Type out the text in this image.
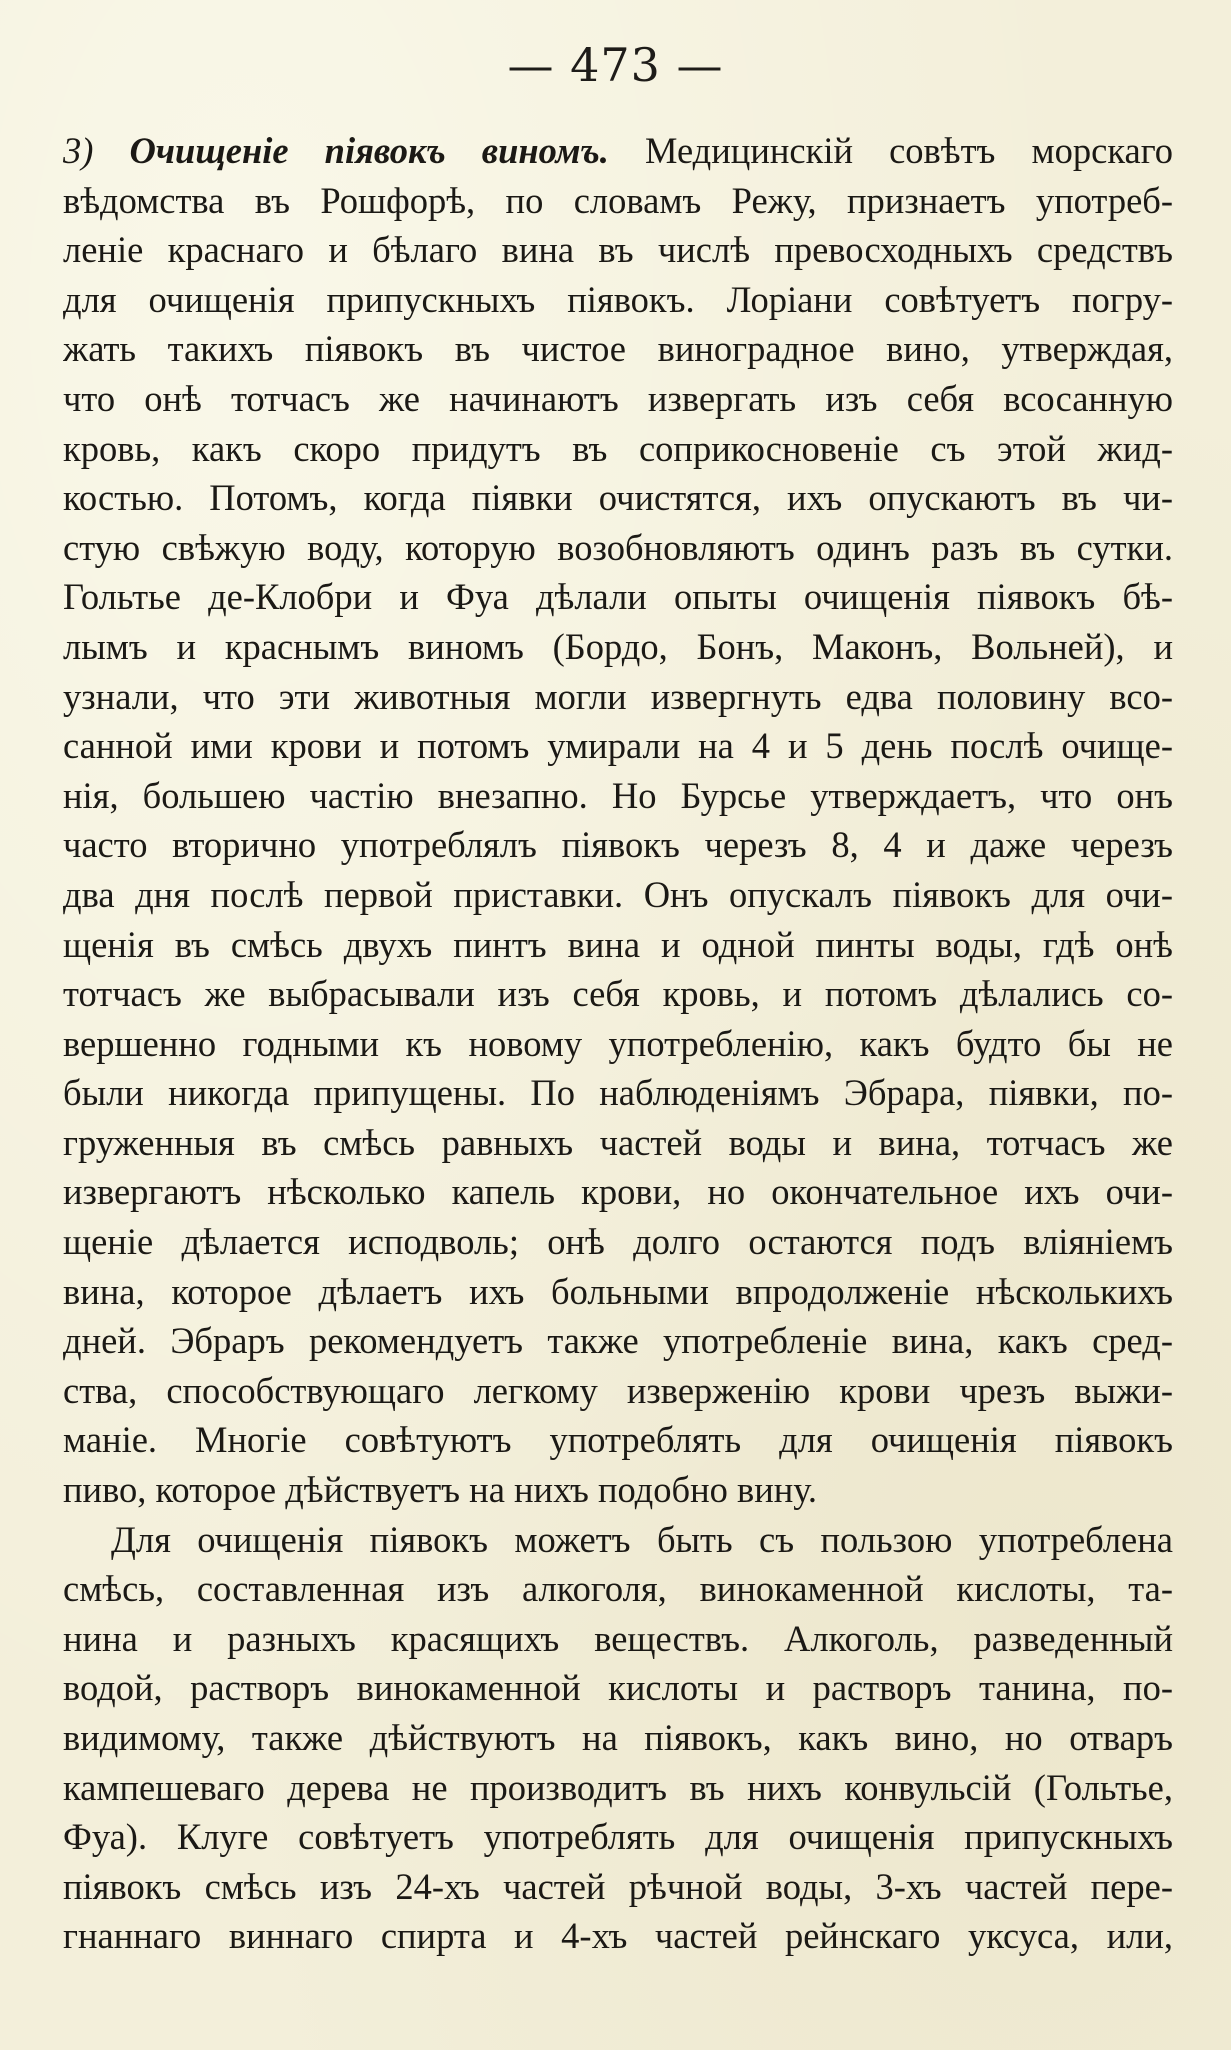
— 473 —
3) Очищенiе пiявокъ виномъ. Медицинскiй совѣтъ морскаго
вѣдомства въ Рошфорѣ, по словамъ Режу, признаетъ употреб-
ленiе краснаго и бѣлаго вина въ числѣ превосходныхъ средствъ
для очищенiя припускныхъ пiявокъ. Лорiани совѣтуетъ погру-
жать такихъ пiявокъ въ чистое виноградное вино, утверждая,
что онѣ тотчасъ же начинаютъ извергать изъ себя всосанную
кровь, какъ скоро придутъ въ соприкосновенiе съ этой жид-
костью. Потомъ, когда пiявки очистятся, ихъ опускаютъ въ чи-
стую свѣжую воду, которую возобновляютъ одинъ разъ въ сутки.
Гольтье де-Клобри и Фуа дѣлали опыты очищенiя пiявокъ бѣ-
лымъ и краснымъ виномъ (Бордо, Бонъ, Маконъ, Вольней), и
узнали, что эти животныя могли извергнуть едва половину всо-
санной ими крови и потомъ умирали на 4 и 5 день послѣ очище-
нiя, большею частiю внезапно. Но Бурсье утверждаетъ, что онъ
часто вторично употреблялъ пiявокъ черезъ 8, 4 и даже черезъ
два дня послѣ первой приставки. Онъ опускалъ пiявокъ для очи-
щенiя въ смѣсь двухъ пинтъ вина и одной пинты воды, гдѣ онѣ
тотчасъ же выбрасывали изъ себя кровь, и потомъ дѣлались со-
вершенно годными къ новому употребленiю, какъ будто бы не
были никогда припущены. По наблюденiямъ Эбрара, пiявки, по-
груженныя въ смѣсь равныхъ частей воды и вина, тотчасъ же
извергаютъ нѣсколько капель крови, но окончательное ихъ очи-
щенiе дѣлается исподволь; онѣ долго остаются подъ влiянiемъ
вина, которое дѣлаетъ ихъ больными впродолженiе нѣсколькихъ
дней. Эбраръ рекомендуетъ также употребленiе вина, какъ сред-
ства, способствующаго легкому изверженiю крови чрезъ выжи-
манiе. Многiе совѣтуютъ употреблять для очищенiя пiявокъ
пиво, которое дѣйствуетъ на нихъ подобно вину.
Для очищенiя пiявокъ можетъ быть съ пользою употреблена
смѣсь, составленная изъ алкоголя, винокаменной кислоты, та-
нина и разныхъ красящихъ веществъ. Алкоголь, разведенный
водой, растворъ винокаменной кислоты и растворъ танина, по-
видимому, также дѣйствуютъ на пiявокъ, какъ вино, но отваръ
кампешеваго дерева не производитъ въ нихъ конвульсiй (Гольтье,
Фуа). Клуге совѣтуетъ употреблять для очищенiя припускныхъ
пiявокъ смѣсь изъ 24-хъ частей рѣчной воды, 3-хъ частей пере-
гнаннаго виннаго спирта и 4-хъ частей рейнскаго уксуса, или,
